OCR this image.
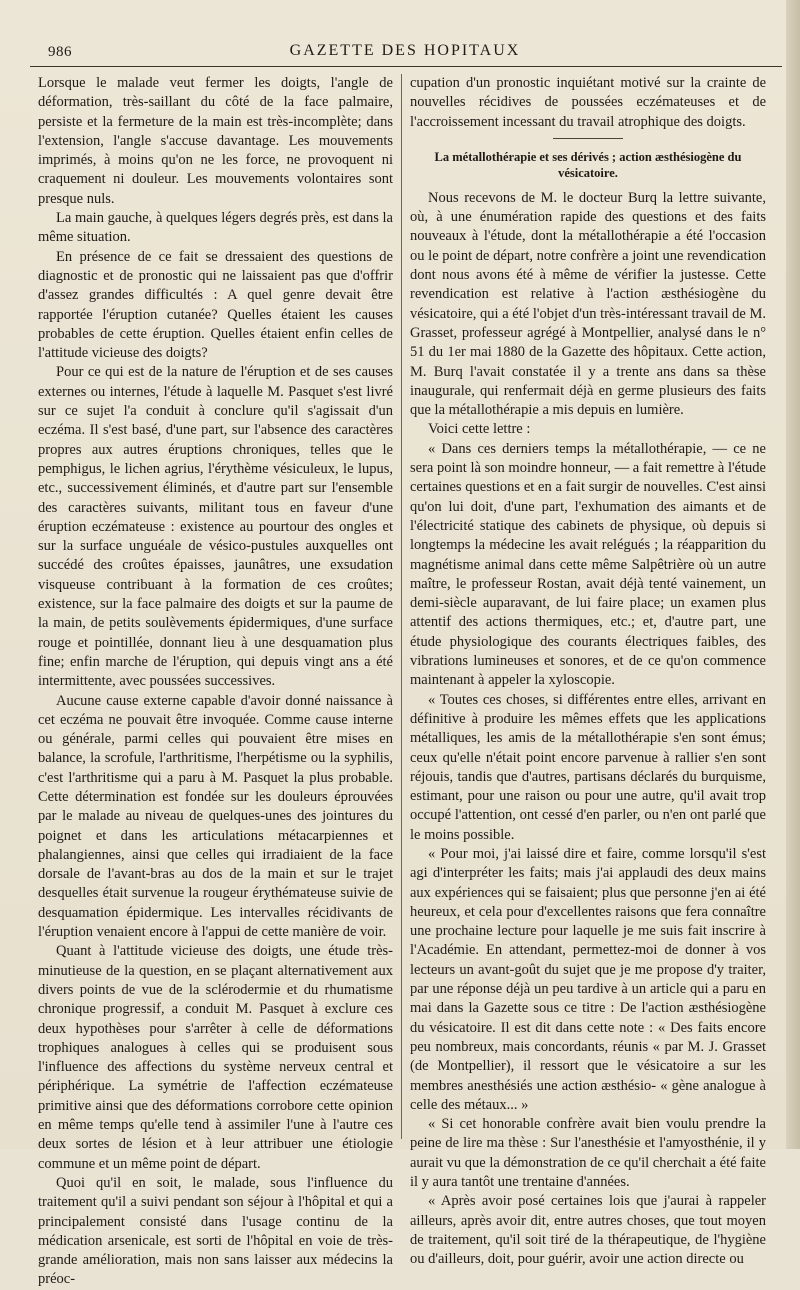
986	GAZETTE DES HOPITAUX

Lorsque le malade veut fermer les doigts, l'angle de déformation, très-saillant du côté de la face palmaire, persiste et la fermeture de la main est très-incomplète; dans l'extension, l'angle s'accuse davantage. Les mouvements imprimés, à moins qu'on ne les force, ne provoquent ni craquement ni douleur. Les mouvements volontaires sont presque nuls.

La main gauche, à quelques légers degrés près, est dans la même situation.

En présence de ce fait se dressaient des questions de diagnostic et de pronostic qui ne laissaient pas que d'offrir d'assez grandes difficultés : A quel genre devait être rapportée l'éruption cutanée? Quelles étaient les causes probables de cette éruption. Quelles étaient enfin celles de l'attitude vicieuse des doigts?

Pour ce qui est de la nature de l'éruption et de ses causes externes ou internes, l'étude à laquelle M. Pasquet s'est livré sur ce sujet l'a conduit à conclure qu'il s'agissait d'un eczéma. Il s'est basé, d'une part, sur l'absence des caractères propres aux autres éruptions chroniques, telles que le pemphigus, le lichen agrius, l'érythème vésiculeux, le lupus, etc., successivement éliminés, et d'autre part sur l'ensemble des caractères suivants, militant tous en faveur d'une éruption eczémateuse : existence au pourtour des ongles et sur la surface unguéale de vésico-pustules auxquelles ont succédé des croûtes épaisses, jaunâtres, une exsudation visqueuse contribuant à la formation de ces croûtes; existence, sur la face palmaire des doigts et sur la paume de la main, de petits soulèvements épidermiques, d'une surface rouge et pointillée, donnant lieu à une desquamation plus fine; enfin marche de l'éruption, qui depuis vingt ans a été intermittente, avec poussées successives.

Aucune cause externe capable d'avoir donné naissance à cet eczéma ne pouvait être invoquée. Comme cause interne ou générale, parmi celles qui pouvaient être mises en balance, la scrofule, l'arthritisme, l'herpétisme ou la syphilis, c'est l'arthritisme qui a paru à M. Pasquet la plus probable. Cette détermination est fondée sur les douleurs éprouvées par le malade au niveau de quelques-unes des jointures du poignet et dans les articulations métacarpiennes et phalangiennes, ainsi que celles qui irradiaient de la face dorsale de l'avant-bras au dos de la main et sur le trajet desquelles était survenue la rougeur érythémateuse suivie de desquamation épidermique. Les intervalles récidivants de l'éruption venaient encore à l'appui de cette manière de voir.

Quant à l'attitude vicieuse des doigts, une étude très-minutieuse de la question, en se plaçant alternativement aux divers points de vue de la sclérodermie et du rhumatisme chronique progressif, a conduit M. Pasquet à exclure ces deux hypothèses pour s'arrêter à celle de déformations trophiques analogues à celles qui se produisent sous l'influence des affections du système nerveux central et périphérique. La symétrie de l'affection eczémateuse primitive ainsi que des déformations corrobore cette opinion en même temps qu'elle tend à assimiler l'une à l'autre ces deux sortes de lésion et à leur attribuer une étiologie commune et un même point de départ.

Quoi qu'il en soit, le malade, sous l'influence du traitement qu'il a suivi pendant son séjour à l'hôpital et qui a principalement consisté dans l'usage continu de la médication arsenicale, est sorti de l'hôpital en voie de très-grande amélioration, mais non sans laisser aux médecins la préoc-

cupation d'un pronostic inquiétant motivé sur la crainte de nouvelles récidives de poussées eczémateuses et de l'accroissement incessant du travail atrophique des doigts.

La métallothérapie et ses dérivés ; action æsthésiogène du vésicatoire.

Nous recevons de M. le docteur Burq la lettre suivante, où, à une énumération rapide des questions et des faits nouveaux à l'étude, dont la métallothérapie a été l'occasion ou le point de départ, notre confrère a joint une revendication dont nous avons été à même de vérifier la justesse. Cette revendication est relative à l'action æsthésiogène du vésicatoire, qui a été l'objet d'un très-intéressant travail de M. Grasset, professeur agrégé à Montpellier, analysé dans le n° 51 du 1er mai 1880 de la Gazette des hôpitaux. Cette action, M. Burq l'avait constatée il y a trente ans dans sa thèse inaugurale, qui renfermait déjà en germe plusieurs des faits que la métallothérapie a mis depuis en lumière.

Voici cette lettre :

« Dans ces derniers temps la métallothérapie, — ce ne sera point là son moindre honneur, — a fait remettre à l'étude certaines questions et en a fait surgir de nouvelles. C'est ainsi qu'on lui doit, d'une part, l'exhumation des aimants et de l'électricité statique des cabinets de physique, où depuis si longtemps la médecine les avait relégués ; la réapparition du magnétisme animal dans cette même Salpêtrière où un autre maître, le professeur Rostan, avait déjà tenté vainement, un demi-siècle auparavant, de lui faire place; un examen plus attentif des actions thermiques, etc.; et, d'autre part, une étude physiologique des courants électriques faibles, des vibrations lumineuses et sonores, et de ce qu'on commence maintenant à appeler la xyloscopie.

« Toutes ces choses, si différentes entre elles, arrivant en définitive à produire les mêmes effets que les applications métalliques, les amis de la métallothérapie s'en sont émus; ceux qu'elle n'était point encore parvenue à rallier s'en sont réjouis, tandis que d'autres, partisans déclarés du burquisme, estimant, pour une raison ou pour une autre, qu'il avait trop occupé l'attention, ont cessé d'en parler, ou n'en ont parlé que le moins possible.

« Pour moi, j'ai laissé dire et faire, comme lorsqu'il s'est agi d'interpréter les faits; mais j'ai applaudi des deux mains aux expériences qui se faisaient; plus que personne j'en ai été heureux, et cela pour d'excellentes raisons que fera connaître une prochaine lecture pour laquelle je me suis fait inscrire à l'Académie. En attendant, permettez-moi de donner à vos lecteurs un avant-goût du sujet que je me propose d'y traiter, par une réponse déjà un peu tardive à un article qui a paru en mai dans la Gazette sous ce titre : De l'action æsthésiogène du vésicatoire. Il est dit dans cette note : « Des faits encore peu nombreux, mais concordants, réunis « par M. J. Grasset (de Montpellier), il ressort que le vésicatoire a sur les membres anesthésiés une action æsthésio- « gène analogue à celle des métaux... »

« Si cet honorable confrère avait bien voulu prendre la peine de lire ma thèse : Sur l'anesthésie et l'amyosthénie, il y aurait vu que la démonstration de ce qu'il cherchait a été faite il y aura tantôt une trentaine d'années.

« Après avoir posé certaines lois que j'aurai à rappeler ailleurs, après avoir dit, entre autres choses, que tout moyen de traitement, qu'il soit tiré de la thérapeutique, de l'hygiène ou d'ailleurs, doit, pour guérir, avoir une action directe ou
